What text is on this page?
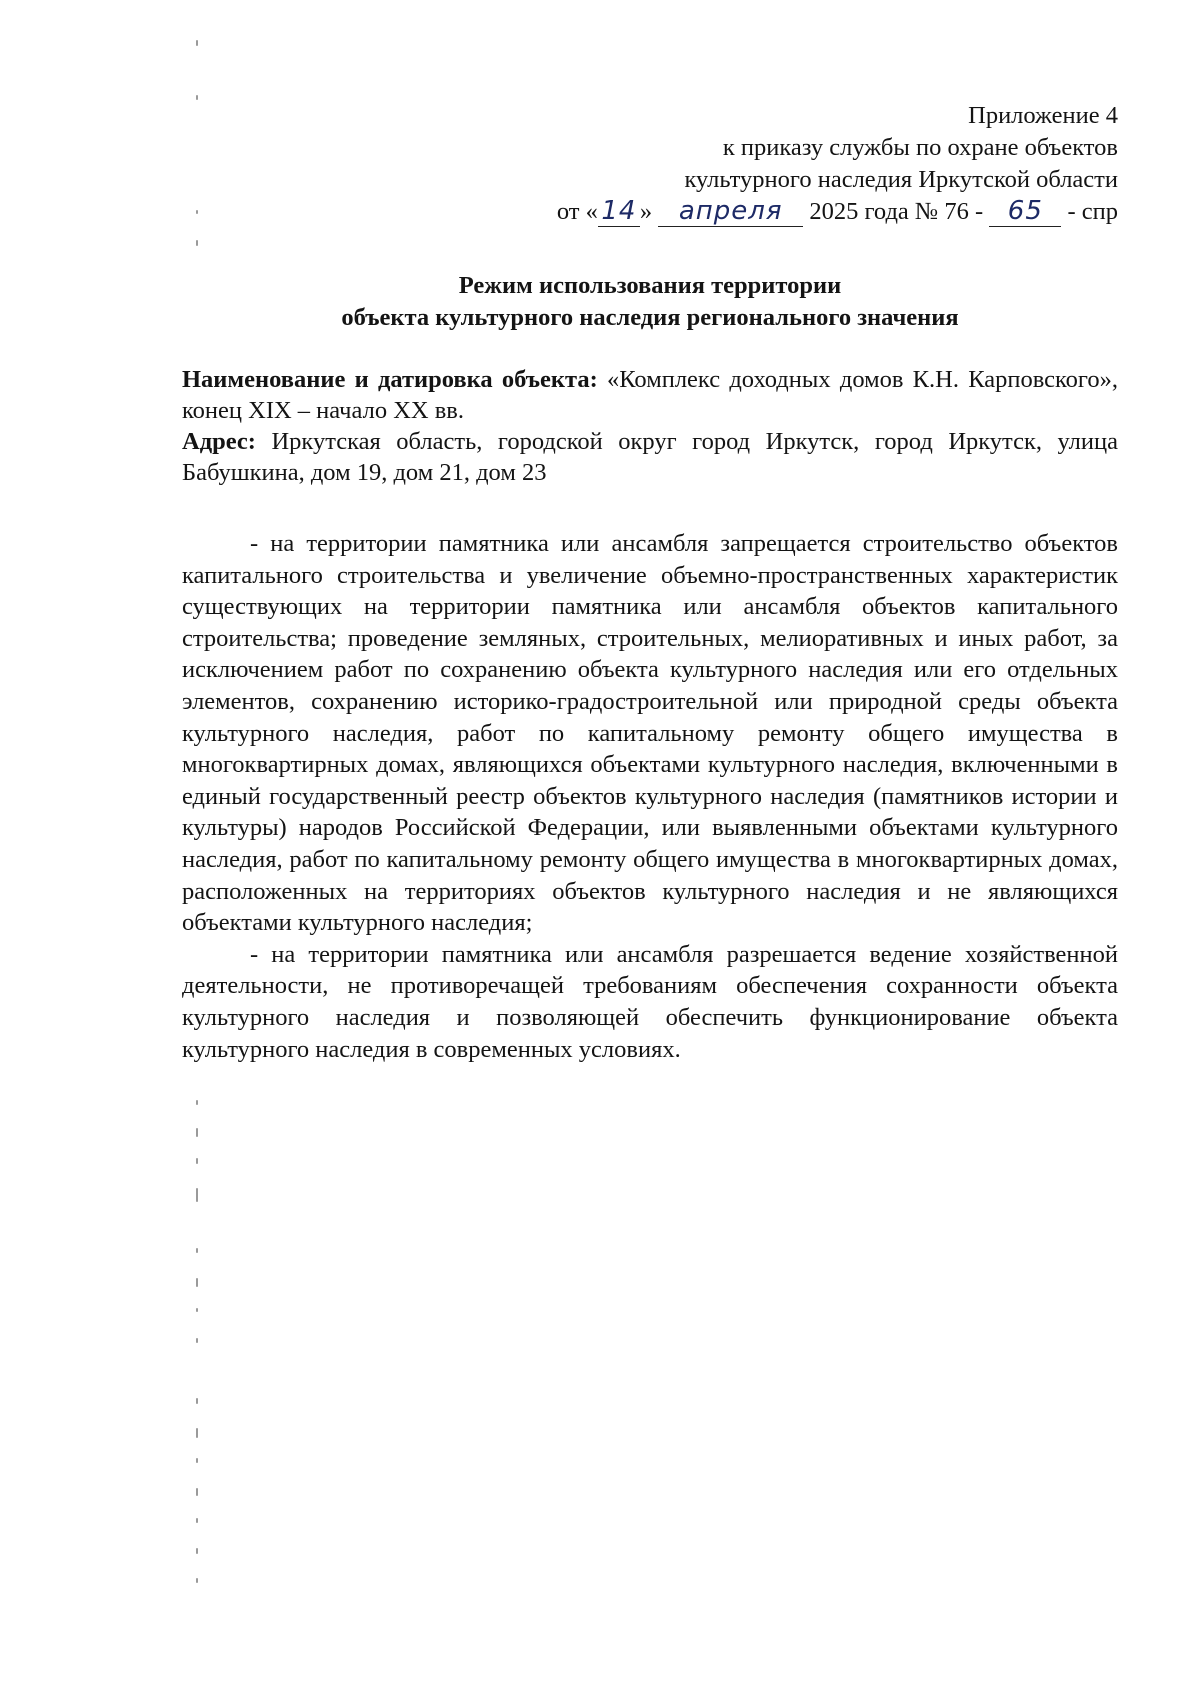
Приложение 4
к приказу службы по охране объектов
культурного наследия Иркутской области
от « 14 » апреля 2025 года № 76 - 65 - спр
Режим использования территории
объекта культурного наследия регионального значения

Наименование и датировка объекта: «Комплекс доходных домов К.Н. Карповского», конец XIX – начало XX вв.

Адрес: Иркутская область, городской округ город Иркутск, город Иркутск, улица Бабушкина, дом 19, дом 21, дом 23

- на территории памятника или ансамбля запрещается строительство объектов капитального строительства и увеличение объемно-пространственных характеристик существующих на территории памятника или ансамбля объектов капитального строительства; проведение земляных, строительных, мелиоративных и иных работ, за исключением работ по сохранению объекта культурного наследия или его отдельных элементов, сохранению историко-градостроительной или природной среды объекта культурного наследия, работ по капитальному ремонту общего имущества в многоквартирных домах, являющихся объектами культурного наследия, включенными в единый государственный реестр объектов культурного наследия (памятников истории и культуры) народов Российской Федерации, или выявленными объектами культурного наследия, работ по капитальному ремонту общего имущества в многоквартирных домах, расположенных на территориях объектов культурного наследия и не являющихся объектами культурного наследия;

- на территории памятника или ансамбля разрешается ведение хозяйственной деятельности, не противоречащей требованиям обеспечения сохранности объекта культурного наследия и позволяющей обеспечить функционирование объекта культурного наследия в современных условиях.
